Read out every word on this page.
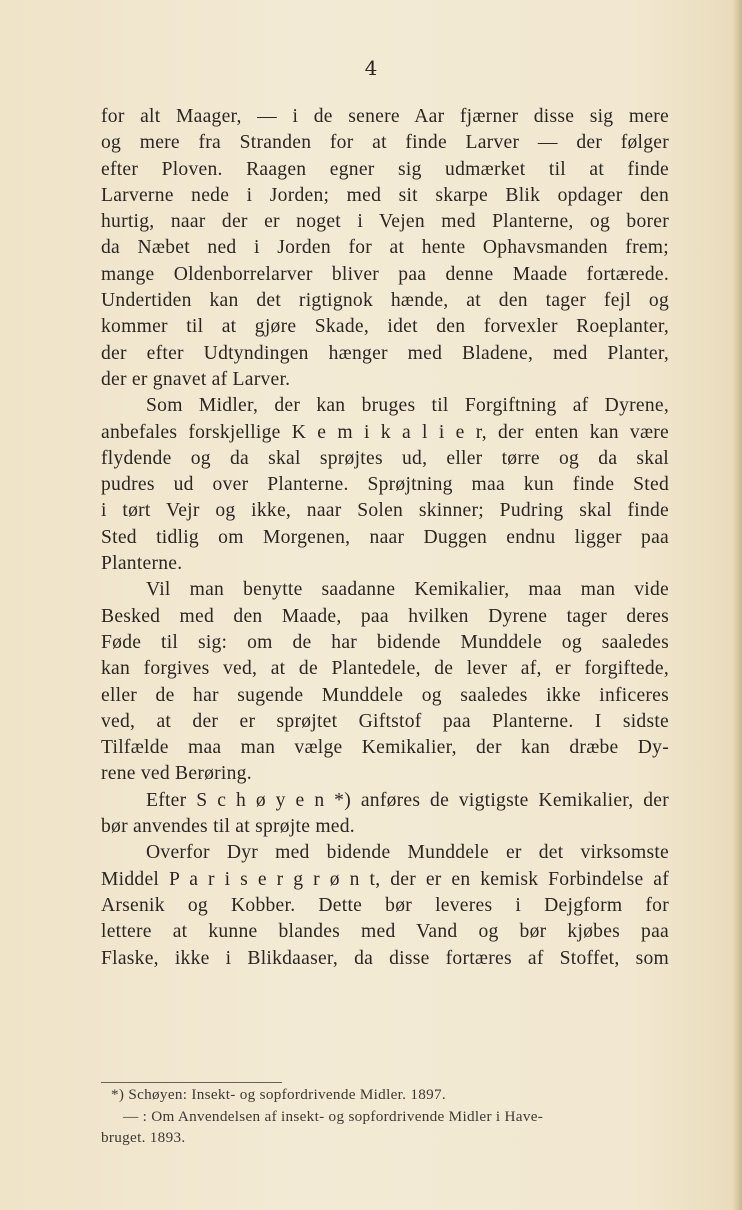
4
for alt Maager, — i de senere Aar fjærner disse sig mere
og mere fra Stranden for at finde Larver — der følger
efter Ploven. Raagen egner sig udmærket til at finde
Larverne nede i Jorden; med sit skarpe Blik opdager den
hurtig, naar der er noget i Vejen med Planterne, og borer
da Næbet ned i Jorden for at hente Ophavsmanden frem;
mange Oldenborrelarver bliver paa denne Maade fortærede.
Undertiden kan det rigtignok hænde, at den tager fejl og
kommer til at gjøre Skade, idet den forvexler Roeplanter,
der efter Udtyndingen hænger med Bladene, med Planter,
der er gnavet af Larver.
Som Midler, der kan bruges til Forgiftning af Dyrene,
anbefales forskjellige K e m i k a l i e r, der enten kan være
flydende og da skal sprøjtes ud, eller tørre og da skal
pudres ud over Planterne. Sprøjtning maa kun finde Sted
i tørt Vejr og ikke, naar Solen skinner; Pudring skal finde
Sted tidlig om Morgenen, naar Duggen endnu ligger paa
Planterne.
Vil man benytte saadanne Kemikalier, maa man vide
Besked med den Maade, paa hvilken Dyrene tager deres
Føde til sig: om de har bidende Munddele og saaledes
kan forgives ved, at de Plantedele, de lever af, er forgiftede,
eller de har sugende Munddele og saaledes ikke inficeres
ved, at der er sprøjtet Giftstof paa Planterne. I sidste
Tilfælde maa man vælge Kemikalier, der kan dræbe Dy-
rene ved Berøring.
Efter S c h ø y e n *) anføres de vigtigste Kemikalier, der
bør anvendes til at sprøjte med.
Overfor Dyr med bidende Munddele er det virksomste
Middel P a r i s e r g r ø n t, der er en kemisk Forbindelse af
Arsenik og Kobber. Dette bør leveres i Dejgform for
lettere at kunne blandes med Vand og bør kjøbes paa
Flaske, ikke i Blikdaaser, da disse fortæres af Stoffet, som
*) Schøyen: Insekt- og sopfordrivende Midler. 1897.
— : Om Anvendelsen af insekt- og sopfordrivende Midler i Have-
bruget. 1893.
